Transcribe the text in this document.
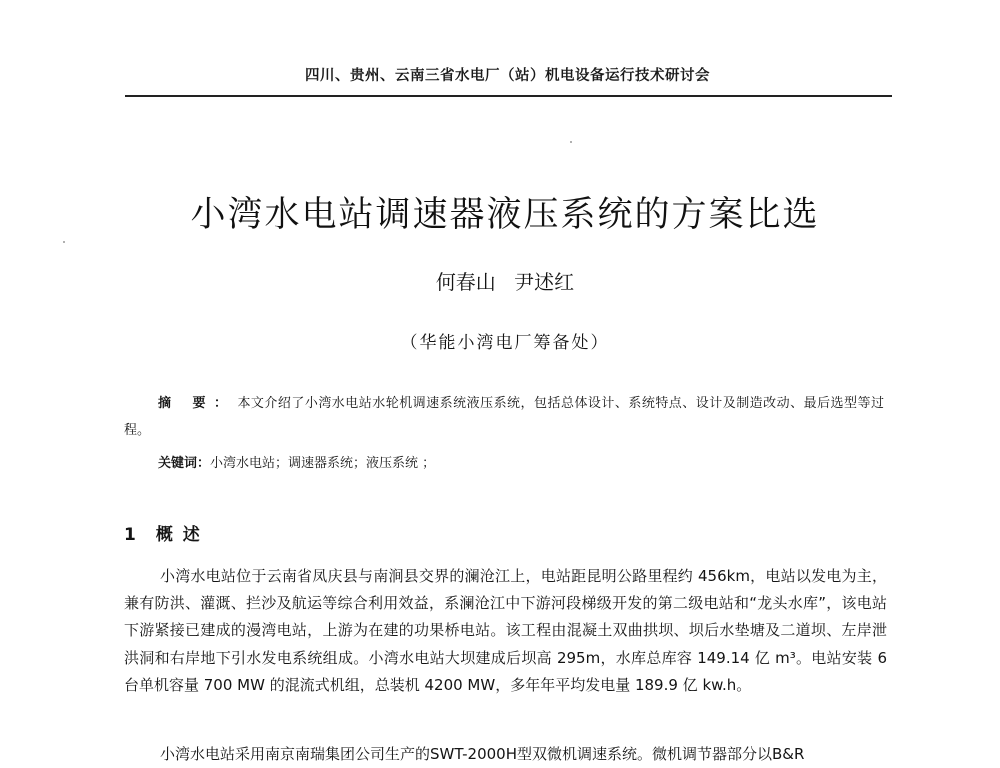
四川、贵州、云南三省水电厂（站）机电设备运行技术研讨会
小湾水电站调速器液压系统的方案比选
何春山 尹述红
（华能小湾电厂筹备处）

摘 要： 本文介绍了小湾水电站水轮机调速系统液压系统，包括总体设计、系统特点、设计及制造改动、最后选型等过程。

关键词：小湾水电站；调速器系统；液压系统 ；
1 概 述

小湾水电站位于云南省凤庆县与南涧县交界的澜沧江上，电站距昆明公路里程约 456km，电站以发电为主，兼有防洪、灌溉、拦沙及航运等综合利用效益，系澜沧江中下游河段梯级开发的第二级电站和“龙头水库”，该电站下游紧接已建成的漫湾电站，上游为在建的功果桥电站。该工程由混凝土双曲拱坝、坝后水垫塘及二道坝、左岸泄洪洞和右岸地下引水发电系统组成。小湾水电站大坝建成后坝高 295m，水库总库容 149.14 亿 m³。电站安装 6 台单机容量 700 MW 的混流式机组，总装机 4200 MW，多年年平均发电量 189.9 亿 kw.h。

小湾水电站采用南京南瑞集团公司生产的SWT-2000H型双微机调速系统。微机调节器部分以B&R
